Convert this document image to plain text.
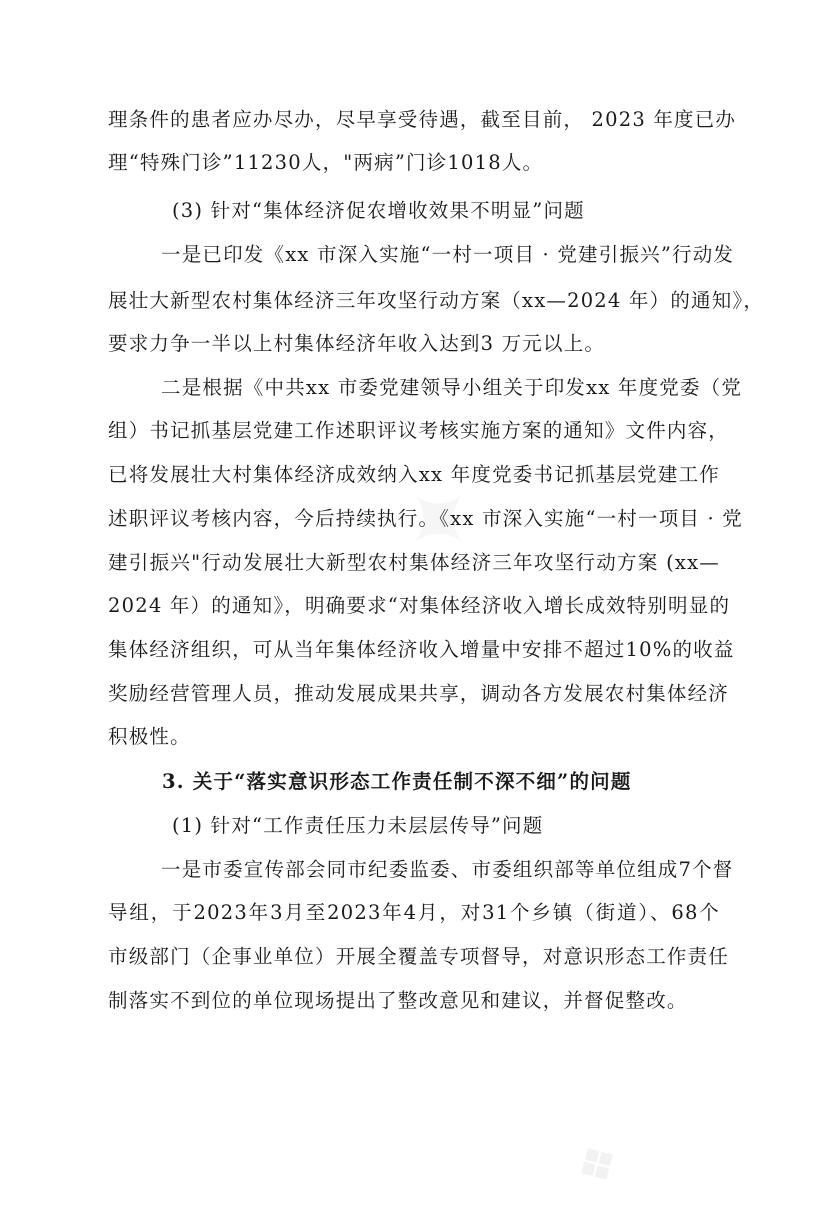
❖
理条件的患者应办尽办，尽早享受待遇，截至目前， 2023 年度已办
理“特殊门诊”11230人，"两病”门诊1018人。
(3) 针对“集体经济促农增收效果不明显”问题
一是已印发《xx 市深入实施“一村一项目 · 党建引振兴”行动发
展壮大新型农村集体经济三年攻坚行动方案（xx—2024 年）的通知》，
要求力争一半以上村集体经济年收入达到3 万元以上。
二是根据《中共xx 市委党建领导小组关于印发xx 年度党委（党
组）书记抓基层党建工作述职评议考核实施方案的通知》文件内容，
已将发展壮大村集体经济成效纳入xx 年度党委书记抓基层党建工作
述职评议考核内容，今后持续执行。《xx 市深入实施“一村一项目 · 党
建引振兴"行动发展壮大新型农村集体经济三年攻坚行动方案 (xx—
2024 年）的通知》，明确要求“对集体经济收入增长成效特别明显的
集体经济组织，可从当年集体经济收入增量中安排不超过10%的收益
奖励经营管理人员，推动发展成果共享，调动各方发展农村集体经济
积极性。
3. 关于“落实意识形态工作责任制不深不细”的问题
(1) 针对“工作责任压力未层层传导”问题
一是市委宣传部会同市纪委监委、市委组织部等单位组成7个督
导组，于2023年3月至2023年4月，对31个乡镇（街道）、68个
市级部门（企事业单位）开展全覆盖专项督导，对意识形态工作责任
制落实不到位的单位现场提出了整改意见和建议，并督促整改。
